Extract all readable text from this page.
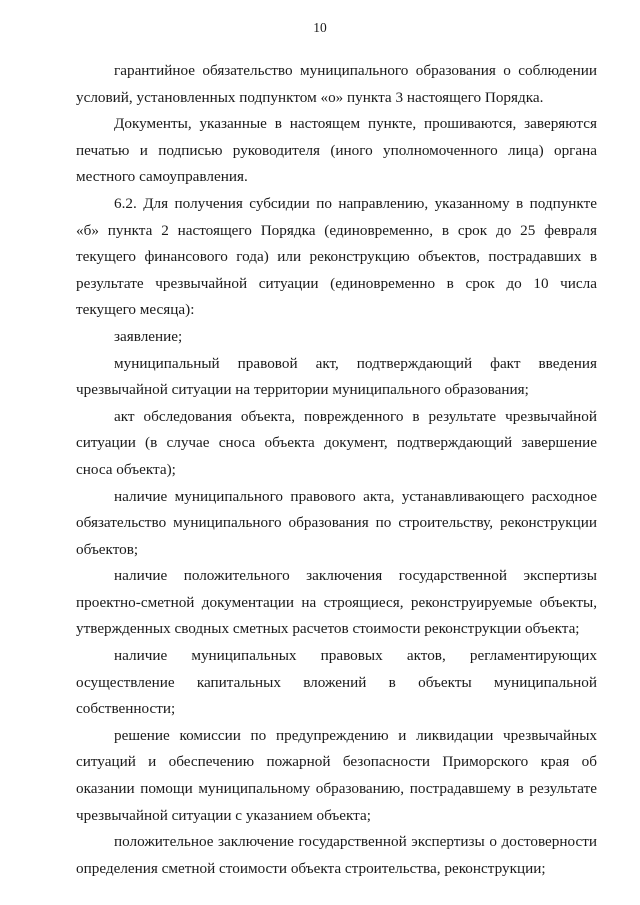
10

гарантийное обязательство муниципального образования о соблюдении условий, установленных подпунктом «о» пункта 3 настоящего Порядка.

Документы, указанные в настоящем пункте, прошиваются, заверяются печатью и подписью руководителя (иного уполномоченного лица) органа местного самоуправления.

6.2. Для получения субсидии по направлению, указанному в подпункте «б» пункта 2 настоящего Порядка (единовременно, в срок до 25 февраля текущего финансового года) или реконструкцию объектов, пострадавших в результате чрезвычайной ситуации (единовременно в срок до 10 числа текущего месяца):

заявление;

муниципальный правовой акт, подтверждающий факт введения чрезвычайной ситуации на территории муниципального образования;

акт обследования объекта, поврежденного в результате чрезвычайной ситуации (в случае сноса объекта документ, подтверждающий завершение сноса объекта);

наличие муниципального правового акта, устанавливающего расходное обязательство муниципального образования по строительству, реконструкции объектов;

наличие положительного заключения государственной экспертизы проектно-сметной документации на строящиеся, реконструируемые объекты, утвержденных сводных сметных расчетов стоимости реконструкции объекта;

наличие муниципальных правовых актов, регламентирующих осуществление капитальных вложений в объекты муниципальной собственности;

решение комиссии по предупреждению и ликвидации чрезвычайных ситуаций и обеспечению пожарной безопасности Приморского края об оказании помощи муниципальному образованию, пострадавшему в результате чрезвычайной ситуации с указанием объекта;

положительное заключение государственной экспертизы о достоверности определения сметной стоимости объекта строительства, реконструкции;
